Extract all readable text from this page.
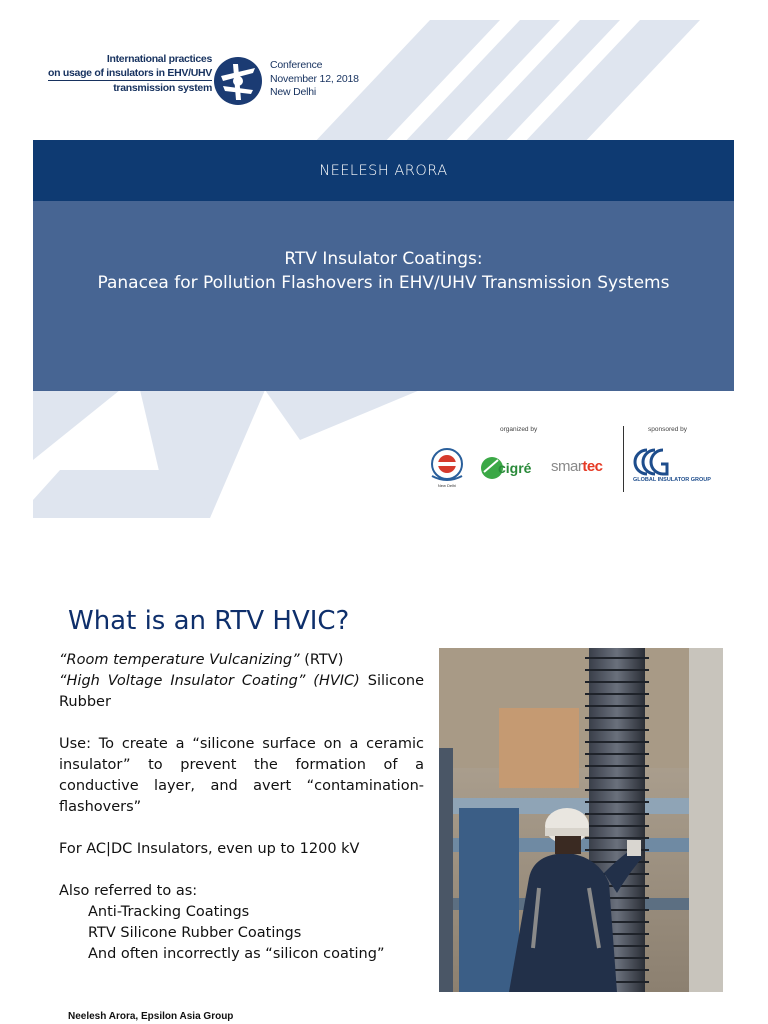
International practices
on usage of insulators in EHV/UHV
transmission system
Conference
November 12, 2018
New Delhi
NEELESH ARORA
RTV Insulator Coatings:
Panacea for Pollution Flashovers in EHV/UHV Transmission Systems
organized by	sponsored by
New Delhi
cigré smartec
GLOBAL INSULATOR GROUP
What is an RTV HVIC?

“Room temperature Vulcanizing” (RTV)

“High Voltage Insulator Coating” (HVIC) Silicone Rubber

Use: To create a “silicone surface on a ceramic insulator” to prevent the formation of a conductive layer, and avert “contamination-flashovers”

For AC|DC Insulators, even up to 1200 kV

Also referred to as:

Anti-Tracking Coatings

RTV Silicone Rubber Coatings

And often incorrectly as “silicon coating”

Neelesh Arora, Epsilon Asia Group
